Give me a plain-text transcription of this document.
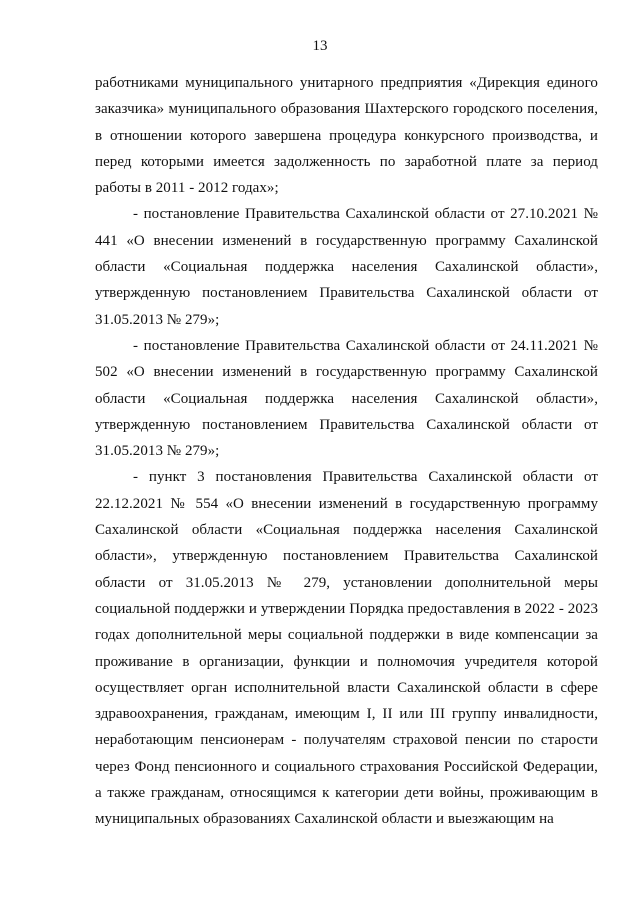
13

работниками муниципального унитарного предприятия «Дирекция единого заказчика» муниципального образования Шахтерского городского поселения, в отношении которого завершена процедура конкурсного производства, и перед которыми имеется задолженность по заработной плате за период работы в 2011 - 2012 годах»;

- постановление Правительства Сахалинской области от 27.10.2021 № 441 «О внесении изменений в государственную программу Сахалинской области «Социальная поддержка населения Сахалинской области», утвержденную постановлением Правительства Сахалинской области от 31.05.2013 № 279»;

- постановление Правительства Сахалинской области от 24.11.2021 № 502 «О внесении изменений в государственную программу Сахалинской области «Социальная поддержка населения Сахалинской области», утвержденную постановлением Правительства Сахалинской области от 31.05.2013 № 279»;

- пункт 3 постановления Правительства Сахалинской области от 22.12.2021 № 554 «О внесении изменений в государственную программу Сахалинской области «Социальная поддержка населения Сахалинской области», утвержденную постановлением Правительства Сахалинской области от 31.05.2013 № 279, установлении дополнительной меры социальной поддержки и утверждении Порядка предоставления в 2022 - 2023 годах дополнительной меры социальной поддержки в виде компенсации за проживание в организации, функции и полномочия учредителя которой осуществляет орган исполнительной власти Сахалинской области в сфере здравоохранения, гражданам, имеющим I, II или III группу инвалидности, неработающим пенсионерам - получателям страховой пенсии по старости через Фонд пенсионного и социального страхования Российской Федерации, а также гражданам, относящимся к категории дети войны, проживающим в муниципальных образованиях Сахалинской области и выезжающим на
